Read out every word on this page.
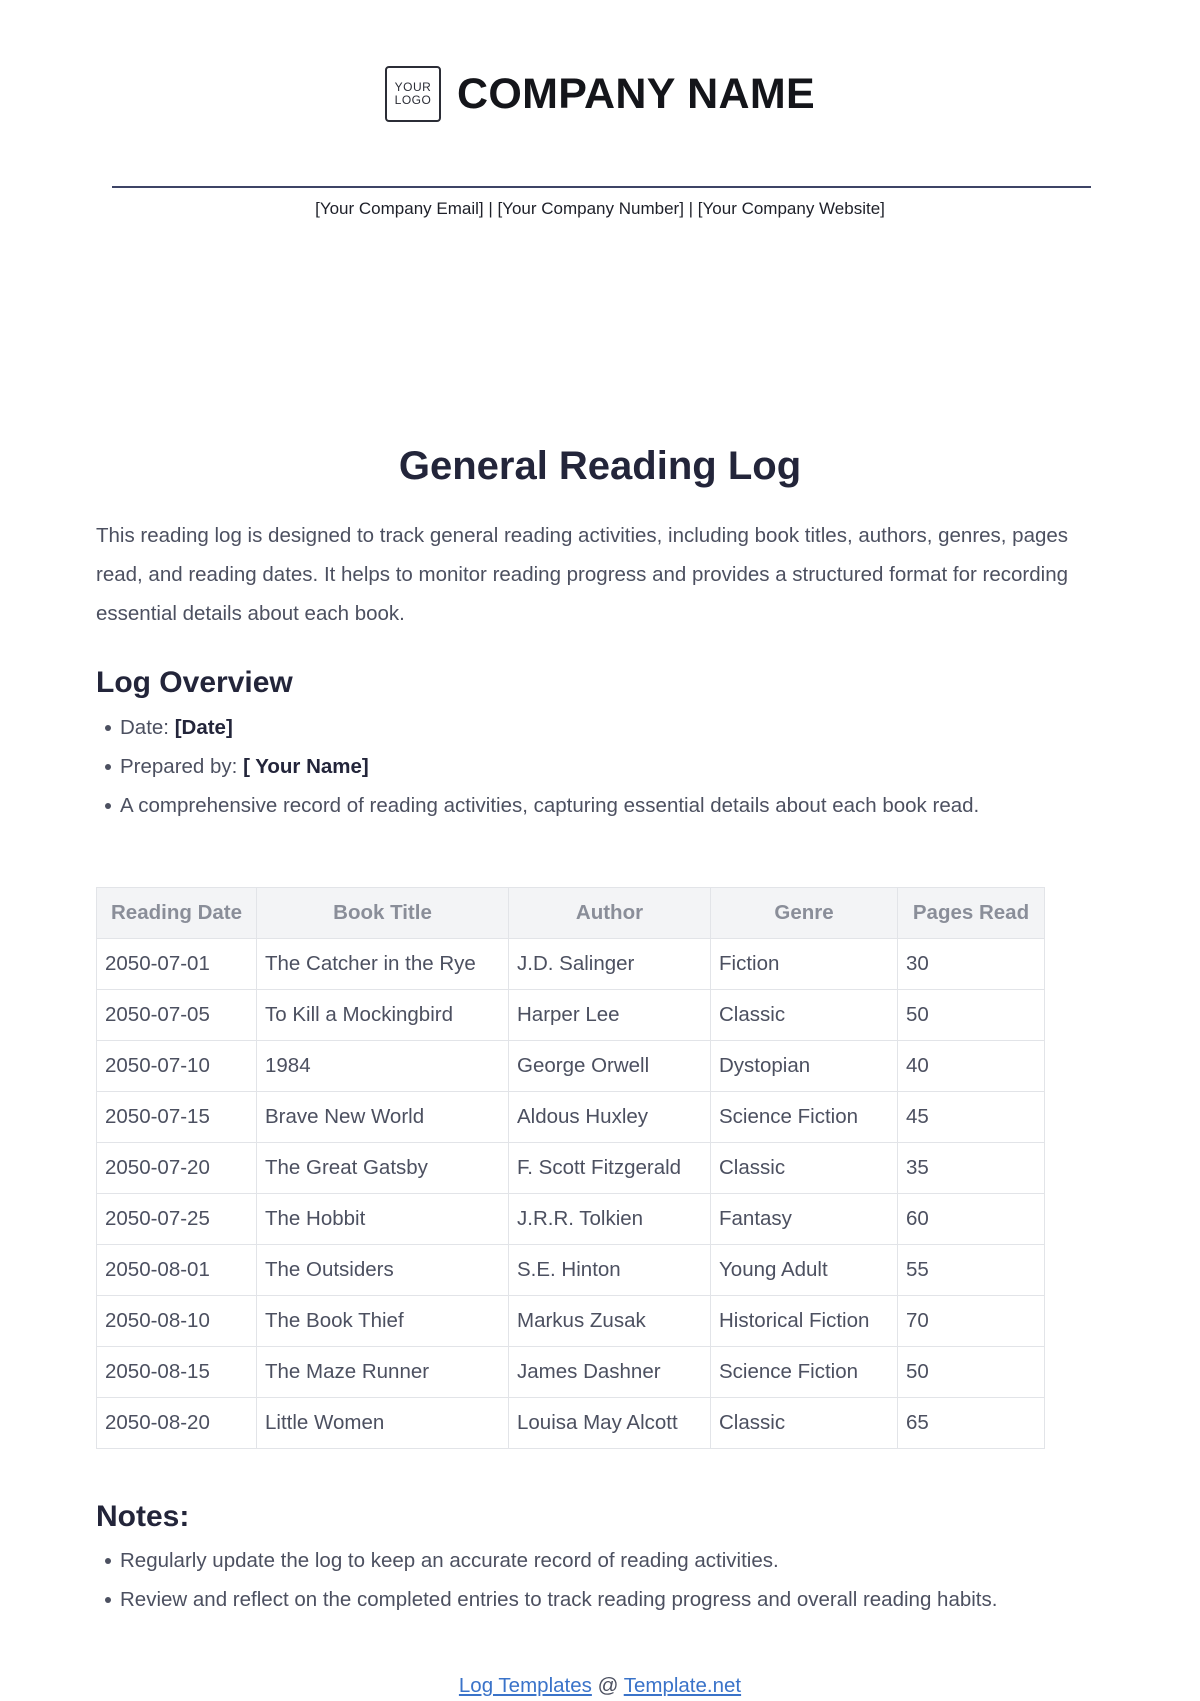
YOUR
LOGO COMPANY NAME
[Your Company Email] | [Your Company Number] | [Your Company Website]
General Reading Log

This reading log is designed to track general reading activities, including book titles, authors, genres, pages read, and reading dates. It helps to monitor reading progress and provides a structured format for recording essential details about each book.

Log Overview
Date: [Date]
Prepared by: [ Your Name]
A comprehensive record of reading activities, capturing essential details about each book read.
Reading Date	Book Title	Author	Genre	Pages Read
2050-07-01	The Catcher in the Rye	J.D. Salinger	Fiction	30
2050-07-05	To Kill a Mockingbird	Harper Lee	Classic	50
2050-07-10	1984	George Orwell	Dystopian	40
2050-07-15	Brave New World	Aldous Huxley	Science Fiction	45
2050-07-20	The Great Gatsby	F. Scott Fitzgerald	Classic	35
2050-07-25	The Hobbit	J.R.R. Tolkien	Fantasy	60
2050-08-01	The Outsiders	S.E. Hinton	Young Adult	55
2050-08-10	The Book Thief	Markus Zusak	Historical Fiction	70
2050-08-15	The Maze Runner	James Dashner	Science Fiction	50
2050-08-20	Little Women	Louisa May Alcott	Classic	65
Notes:
Regularly update the log to keep an accurate record of reading activities.
Review and reflect on the completed entries to track reading progress and overall reading habits.
Log Templates @ Template.net
